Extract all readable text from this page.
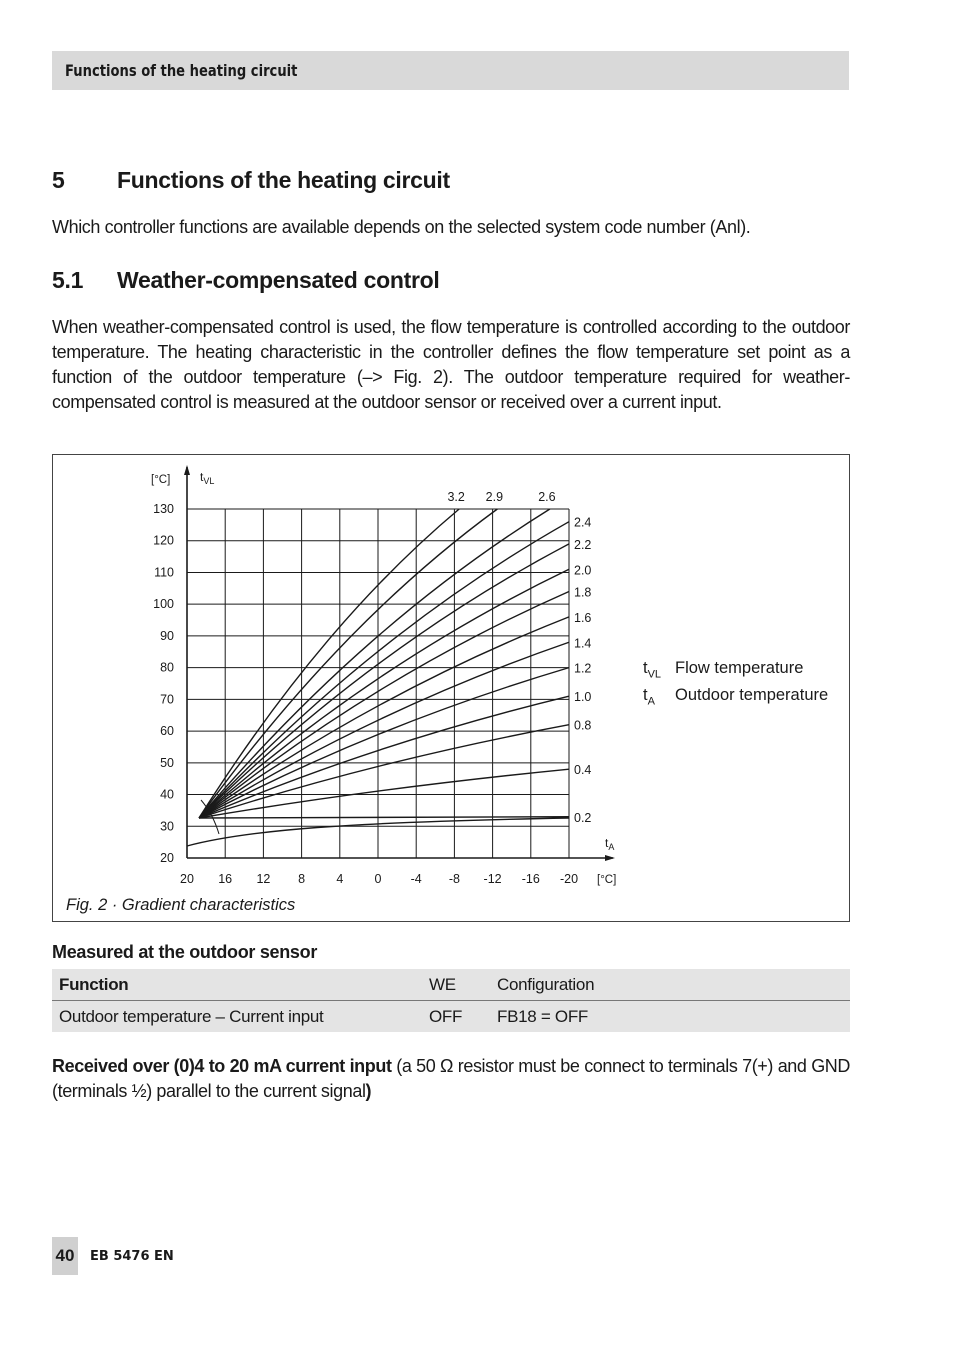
Functions of the heating circuit
5 Functions of the heating circuit

Which controller functions are available depends on the selected system code number (Anl).

5.1 Weather-compensated control

When weather-compensated control is used, the flow temperature is controlled according to the outdoor temperature. The heating characteristic in the controller defines the flow temperature set point as a function of the outdoor temperature (–> Fig. 2). The outdoor temperature required for weather-compensated control is measured at the outdoor sensor or received over a current input.

20
30
40
50
60
70
80
90
100
110
120
130
20 16 12 8 4 0 -4 -8 -12 -16 -20 [°C]
[°C] $t_{VL}$
$t_A$
3.2 2.9	2.6
2.4
2.2
2.0
1.8
1.6
1.4
1.2
1.0
0.8
0.4
0.2
$t_{VL}$ Flow temperature
$t_A$ Outdoor temperature
Fig. 2 · Gradient characteristics
Measured at the outdoor sensor
Function	WE	Configuration
Outdoor temperature – Current input	OFF	FB18 = OFF

Received over (0)4 to 20 mA current input (a 50 Ω resistor must be connect to terminals 7(+) and GND (terminals ½) parallel to the current signal)

40 EB 5476 EN
